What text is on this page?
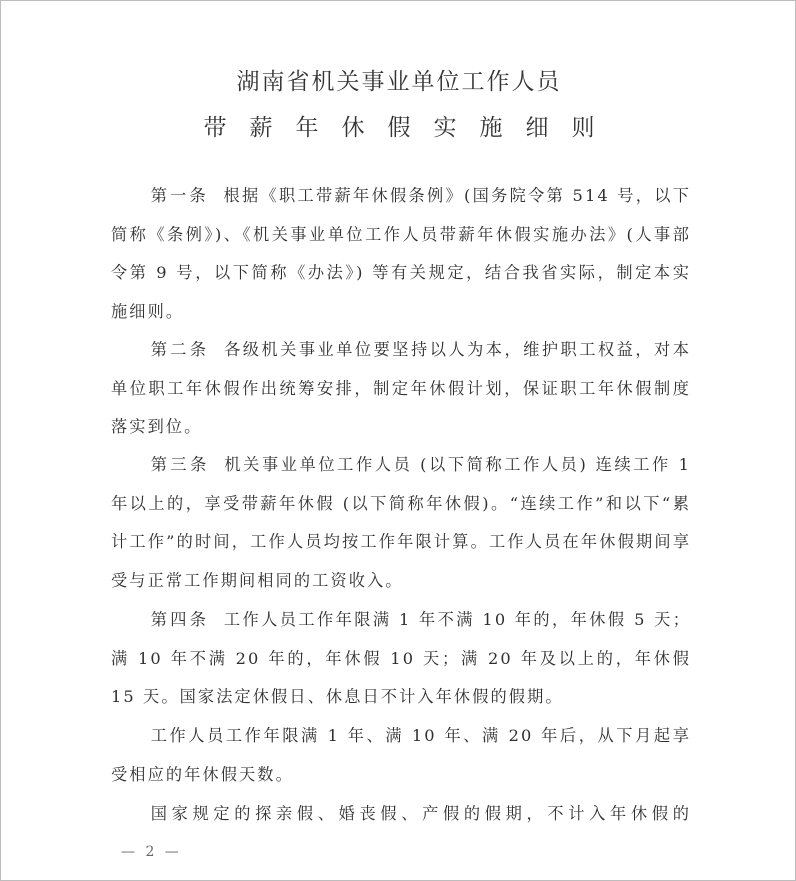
湖南省机关事业单位工作人员
带薪年休假实施细则
第一条 根据《职工带薪年休假条例》(国务院令第 514 号，以下简称《条例》)、《机关事业单位工作人员带薪年休假实施办法》(人事部令第 9 号，以下简称《办法》) 等有关规定，结合我省实际，制定本实施细则。
第二条 各级机关事业单位要坚持以人为本，维护职工权益，对本单位职工年休假作出统筹安排，制定年休假计划，保证职工年休假制度落实到位。
第三条 机关事业单位工作人员 (以下简称工作人员) 连续工作 1 年以上的，享受带薪年休假 (以下简称年休假)。“连续工作”和以下“累计工作”的时间，工作人员均按工作年限计算。工作人员在年休假期间享受与正常工作期间相同的工资收入。
第四条 工作人员工作年限满 1 年不满 10 年的，年休假 5 天；满 10 年不满 20 年的，年休假 10 天；满 20 年及以上的，年休假 15 天。国家法定休假日、休息日不计入年休假的假期。
工作人员工作年限满 1 年、满 10 年、满 20 年后，从下月起享受相应的年休假天数。
国家规定的探亲假、婚丧假、产假的假期，不计入年休假的
— 2 —
